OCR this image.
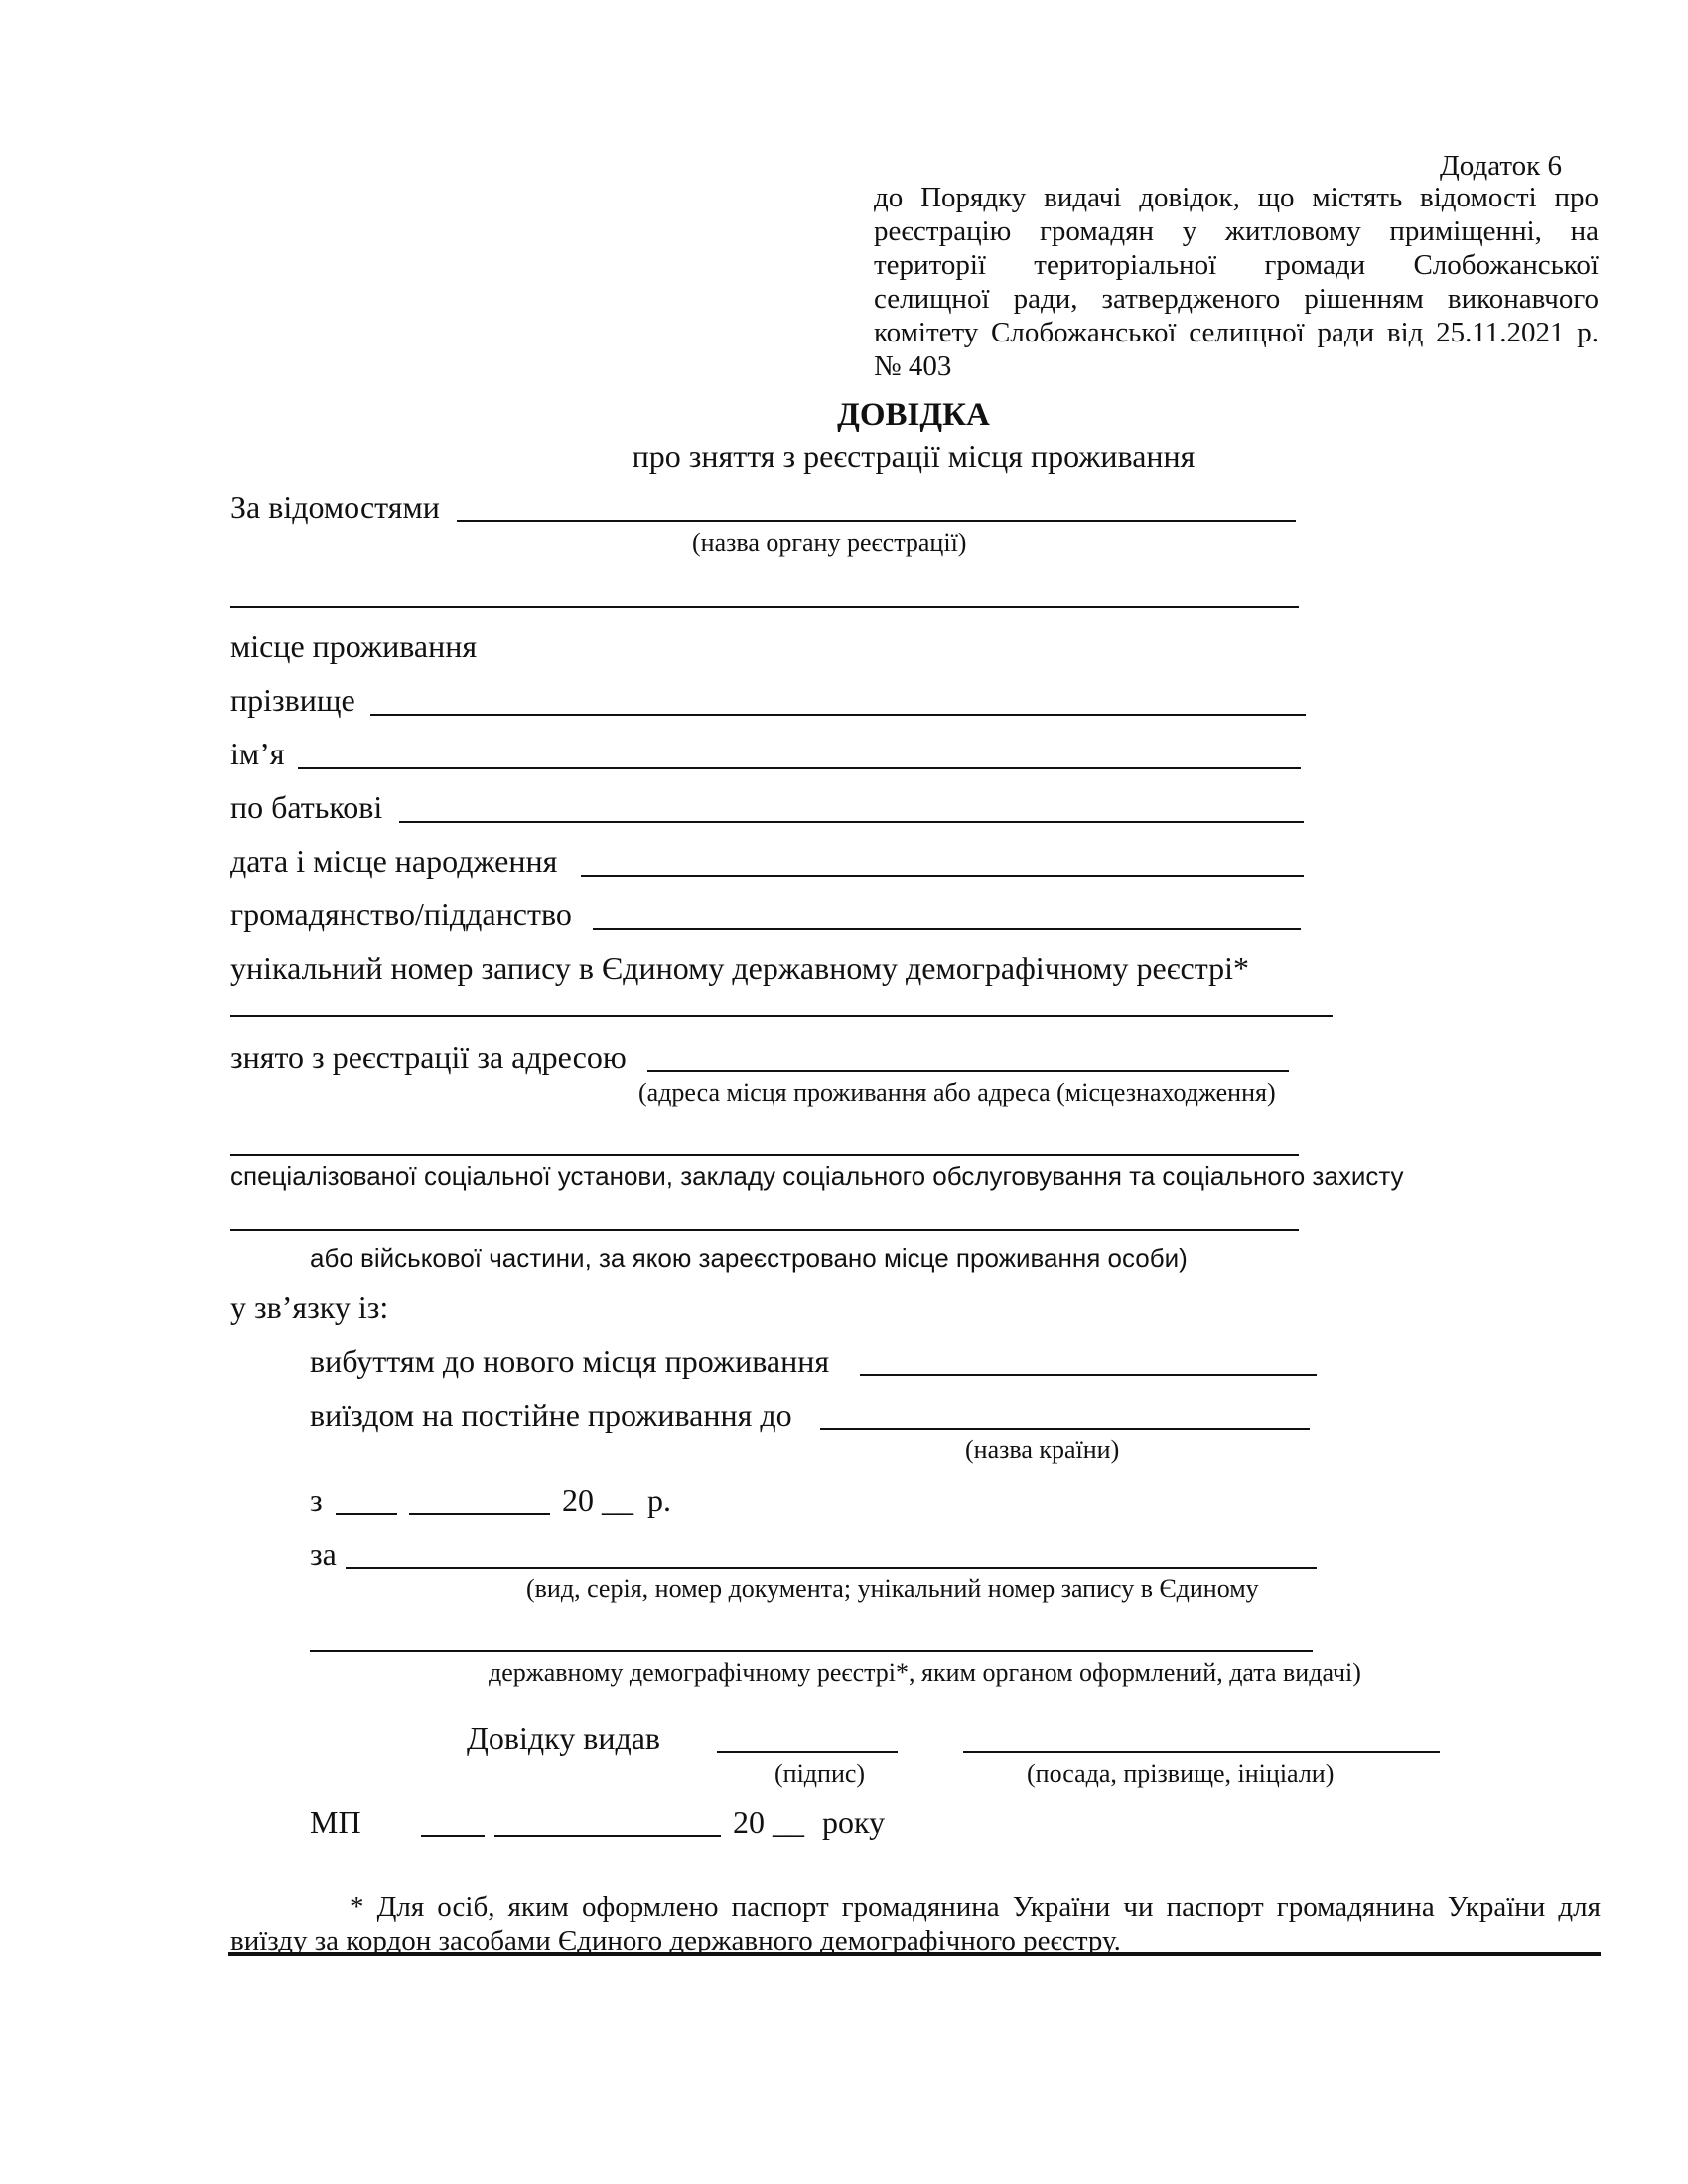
Додаток 6
до Порядку видачі довідок, що містять відомості про реєстрацію громадян у житловому приміщенні, на території територіальної громади Слобожанської селищної ради, затвердженого рішенням виконавчого комітету Слобожанської селищної ради від 25.11.2021 р. № 403
ДОВІДКА
про зняття з реєстрації місця проживання
За відомостями
(назва органу реєстрації)
місце проживання
прізвище
ім’я
по батькові
дата і місце народження
громадянство/підданство
унікальний номер запису в Єдиному державному демографічному реєстрі*
знято з реєстрації за адресою
(адреса місця проживання або адреса (місцезнаходження)
спеціалізованої соціальної установи, закладу соціального обслуговування та соціального захисту
або військової частини, за якою зареєстровано місце проживання особи)
у зв’язку із:
вибуттям до нового місця проживання
виїздом на постійне проживання до
(назва країни)
з	20 __ р.
за
(вид, серія, номер документа; унікальний номер запису в Єдиному
державному демографічному реєстрі*, яким органом оформлений, дата видачі)
Довідку видав
(підпис)	(посада, прізвище, ініціали)
МП	20 __ року
* Для осіб, яким оформлено паспорт громадянина України чи паспорт громадянина України для виїзду за кордон засобами Єдиного державного демографічного реєстру.
